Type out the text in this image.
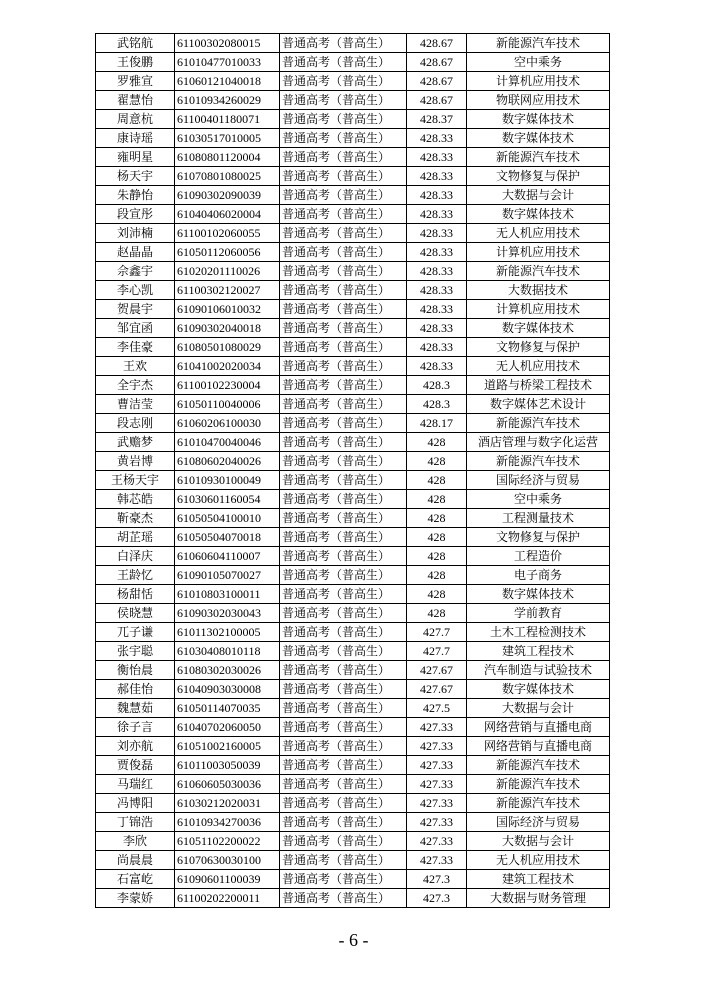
武铭航	61100302080015	普通高考（普高生）	428.67	新能源汽车技术
王俊鹏	61010477010033	普通高考（普高生）	428.67	空中乘务
罗雅宣	61060121040018	普通高考（普高生）	428.67	计算机应用技术
翟慧怡	61010934260029	普通高考（普高生）	428.67	物联网应用技术
周意杭	61100401180071	普通高考（普高生）	428.37	数字媒体技术
康诗瑶	61030517010005	普通高考（普高生）	428.33	数字媒体技术
雍明星	61080801120004	普通高考（普高生）	428.33	新能源汽车技术
杨天宇	61070801080025	普通高考（普高生）	428.33	文物修复与保护
朱静怡	61090302090039	普通高考（普高生）	428.33	大数据与会计
段宣彤	61040406020004	普通高考（普高生）	428.33	数字媒体技术
刘沛楠	61100102060055	普通高考（普高生）	428.33	无人机应用技术
赵晶晶	61050112060056	普通高考（普高生）	428.33	计算机应用技术
佘鑫宇	61020201110026	普通高考（普高生）	428.33	新能源汽车技术
李心凯	61100302120027	普通高考（普高生）	428.33	大数据技术
贺晨宇	61090106010032	普通高考（普高生）	428.33	计算机应用技术
邹宜函	61090302040018	普通高考（普高生）	428.33	数字媒体技术
李佳豪	61080501080029	普通高考（普高生）	428.33	文物修复与保护
王欢	61041002020034	普通高考（普高生）	428.33	无人机应用技术
全宇杰	61100102230004	普通高考（普高生）	428.3	道路与桥梁工程技术
曹洁莹	61050110040006	普通高考（普高生）	428.3	数字媒体艺术设计
段志刚	61060206100030	普通高考（普高生）	428.17	新能源汽车技术
武赡梦	61010470040046	普通高考（普高生）	428	酒店管理与数字化运营
黄岩博	61080602040026	普通高考（普高生）	428	新能源汽车技术
王杨天宇	61010930100049	普通高考（普高生）	428	国际经济与贸易
韩芯皓	61030601160054	普通高考（普高生）	428	空中乘务
靳豪杰	61050504100010	普通高考（普高生）	428	工程测量技术
胡芷瑶	61050504070018	普通高考（普高生）	428	文物修复与保护
白泽庆	61060604110007	普通高考（普高生）	428	工程造价
王龄忆	61090105070027	普通高考（普高生）	428	电子商务
杨甜恬	61010803100011	普通高考（普高生）	428	数字媒体技术
侯晓慧	61090302030043	普通高考（普高生）	428	学前教育
兀子谦	61011302100005	普通高考（普高生）	427.7	土木工程检测技术
张宇聪	61030408010118	普通高考（普高生）	427.7	建筑工程技术
衡怡晨	61080302030026	普通高考（普高生）	427.67	汽车制造与试验技术
郝佳怡	61040903030008	普通高考（普高生）	427.67	数字媒体技术
魏慧茹	61050114070035	普通高考（普高生）	427.5	大数据与会计
徐子言	61040702060050	普通高考（普高生）	427.33	网络营销与直播电商
刘亦航	61051002160005	普通高考（普高生）	427.33	网络营销与直播电商
贾俊磊	61011003050039	普通高考（普高生）	427.33	新能源汽车技术
马瑞红	61060605030036	普通高考（普高生）	427.33	新能源汽车技术
冯博阳	61030212020031	普通高考（普高生）	427.33	新能源汽车技术
丁锦浩	61010934270036	普通高考（普高生）	427.33	国际经济与贸易
李欣	61051102200022	普通高考（普高生）	427.33	大数据与会计
尚晨晨	61070630030100	普通高考（普高生）	427.33	无人机应用技术
石富屹	61090601100039	普通高考（普高生）	427.3	建筑工程技术
李蒙娇	61100202200011	普通高考（普高生）	427.3	大数据与财务管理
- 6 -
